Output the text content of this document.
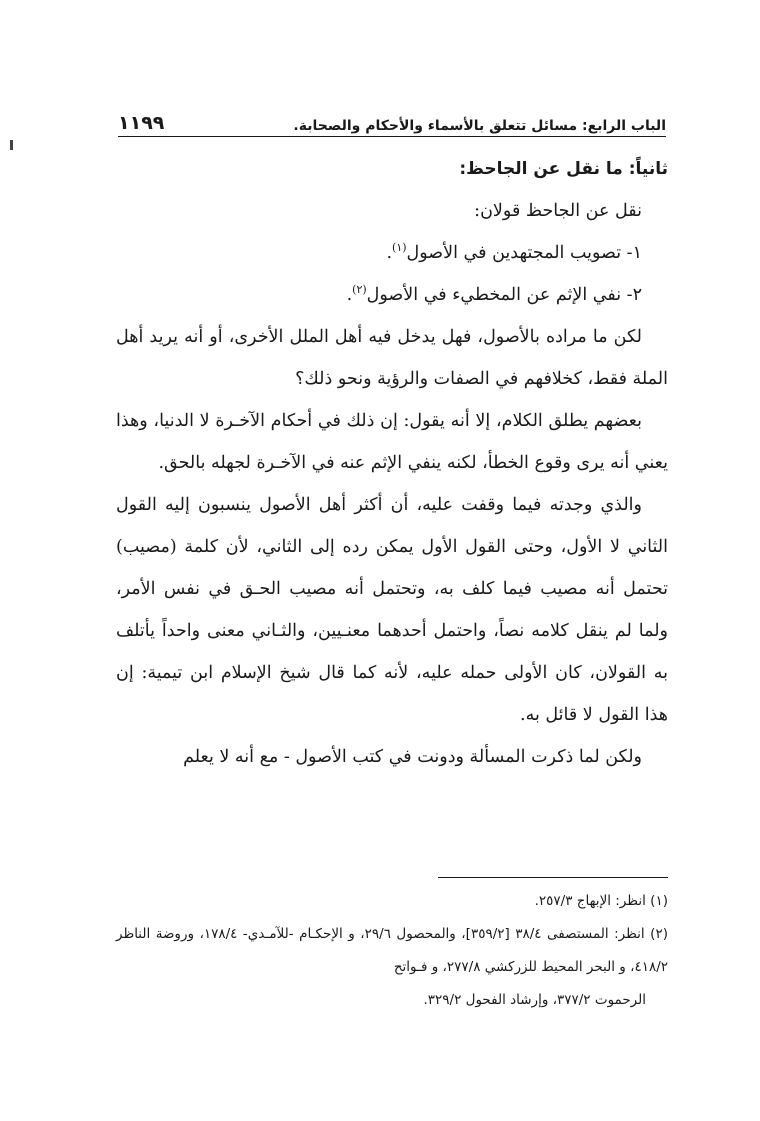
الباب الرابع: مسائل تتعلق بالأسماء والأحكام والصحابة.
١١٩٩

ثانياً: ما نقل عن الجاحظ:

نقل عن الجاحظ قولان:

١- تصويب المجتهدين في الأصول$^{(١)}$.

٢- نفي الإثم عن المخطيء في الأصول$^{(٢)}$.

لكن ما مراده بالأصول، فهل يدخل فيه أهل الملل الأخرى، أو أنه يريد أهل الملة فقط، كخلافهم في الصفات والرؤية ونحو ذلك؟

بعضهم يطلق الكلام، إلا أنه يقول: إن ذلك في أحكام الآخـرة لا الدنيا، وهذا يعني أنه يرى وقوع الخطأ، لكنه ينفي الإثم عنه في الآخـرة لجهله بالحق.

والذي وجدته فيما وقفت عليه، أن أكثر أهل الأصول ينسبون إليه القول الثاني لا الأول، وحتى القول الأول يمكن رده إلى الثاني، لأن كلمة (مصيب) تحتمل أنه مصيب فيما كلف به، وتحتمل أنه مصيب الحـق في نفس الأمر، ولما لم ينقل كلامه نصاً، واحتمل أحدهما معنـيين، والثـاني معنى واحداً يأتلف به القولان، كان الأولى حمله عليه، لأنه كما قال شيخ الإسلام ابن تيمية: إن هذا القول لا قائل به.

ولكن لما ذكرت المسألة ودونت في كتب الأصول - مع أنه لا يعلم

(١) انظر: الإبهاج ٢٥٧/٣.

(٢) انظر: المستصفى ٣٨/٤ [٣٥٩/٢]، والمحصول ٢٩/٦، و الإحكـام -للآمـدي- ١٧٨/٤، وروضة الناظر ٤١٨/٢، و البحر المحيط للزركشي ٢٧٧/٨، و فـواتح

الرحموت ٣٧٧/٢، وإرشاد الفحول ٣٢٩/٢.
